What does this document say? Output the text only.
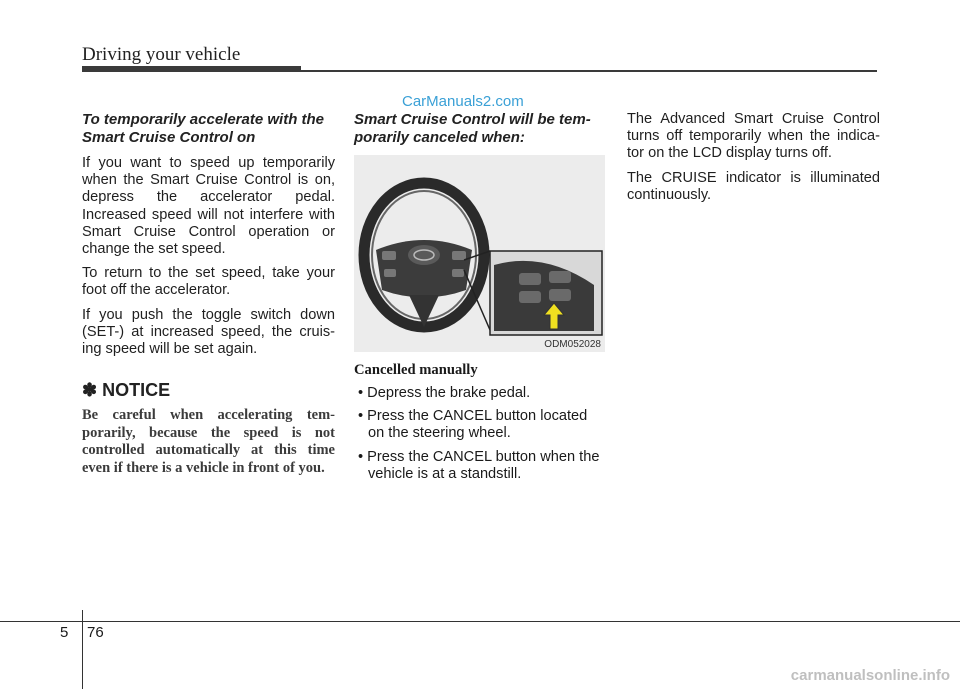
Driving your vehicle
CarManuals2.com
To temporarily accelerate with the Smart Cruise Control on

If you want to speed up temporarily when the Smart Cruise Control is on, depress the accelerator pedal. Increased speed will not interfere with Smart Cruise Control operation or change the set speed.

To return to the set speed, take your foot off the accelerator.

If you push the toggle switch down (SET-) at increased speed, the cruis-ing speed will be set again.

✽ NOTICE

Be careful when accelerating tem-porarily, because the speed is not controlled automatically at this time even if there is a vehicle in front of you.

Smart Cruise Control will be tem-porarily canceled when:
ODM052028
Cancelled manually
• Depress the brake pedal.
• Press the CANCEL button located on the steering wheel.
• Press the CANCEL button when the vehicle is at a standstill.

The Advanced Smart Cruise Control turns off temporarily when the indica-tor on the LCD display turns off.

The CRUISE indicator is illuminated continuously.

5 76
carmanualsonline.info
